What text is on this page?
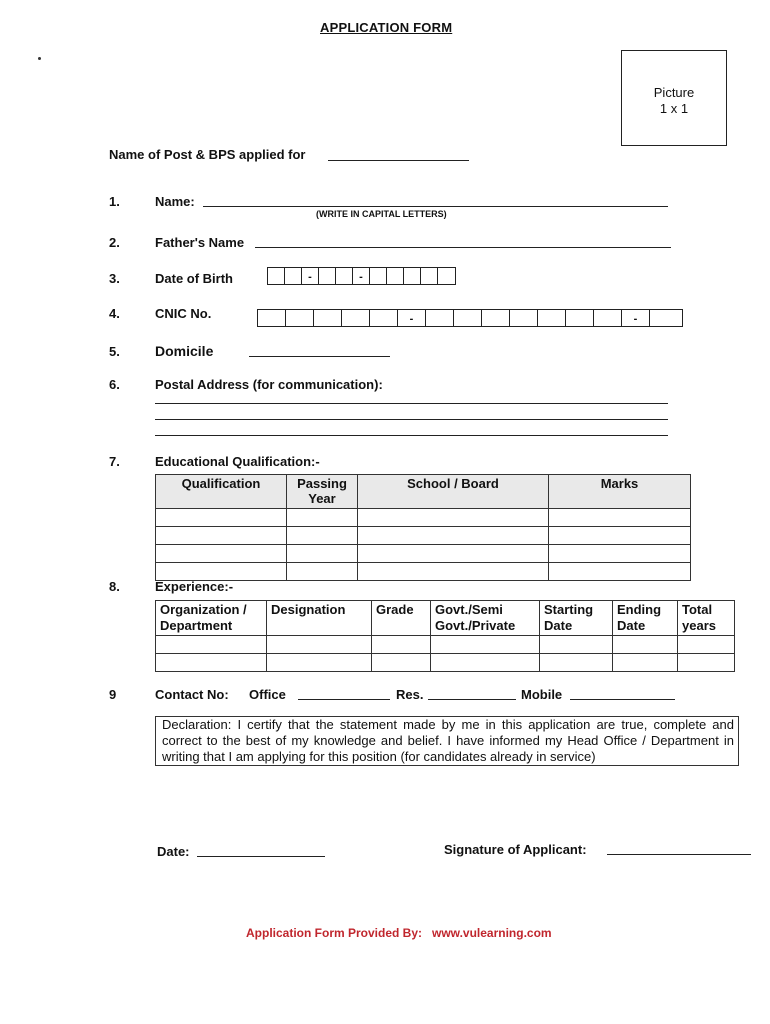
APPLICATION FORM
Picture
1 x 1
Name of Post & BPS applied for
1.	Name:
(WRITE IN CAPITAL LETTERS)
2.	Father's Name
3.	Date of Birth	-	-
4.	CNIC No.	-	-
5.	Domicile
6.	Postal Address (for communication):
7.	Educational Qualification:-
Qualification	Passing Year	School / Board	Marks

8.	Experience:-
Organization / Department	Designation	Grade	Govt./Semi Govt./Private	Starting Date	Ending Date	Total years

9	Contact No: Office	Res.	Mobile
Declaration: I certify that the statement made by me in this application are true, complete and correct to the best of my knowledge and belief. I have informed my Head Office / Department in writing that I am applying for this position (for candidates already in service)
Date:	Signature of Applicant:
Application Form Provided By: www.vulearning.com
